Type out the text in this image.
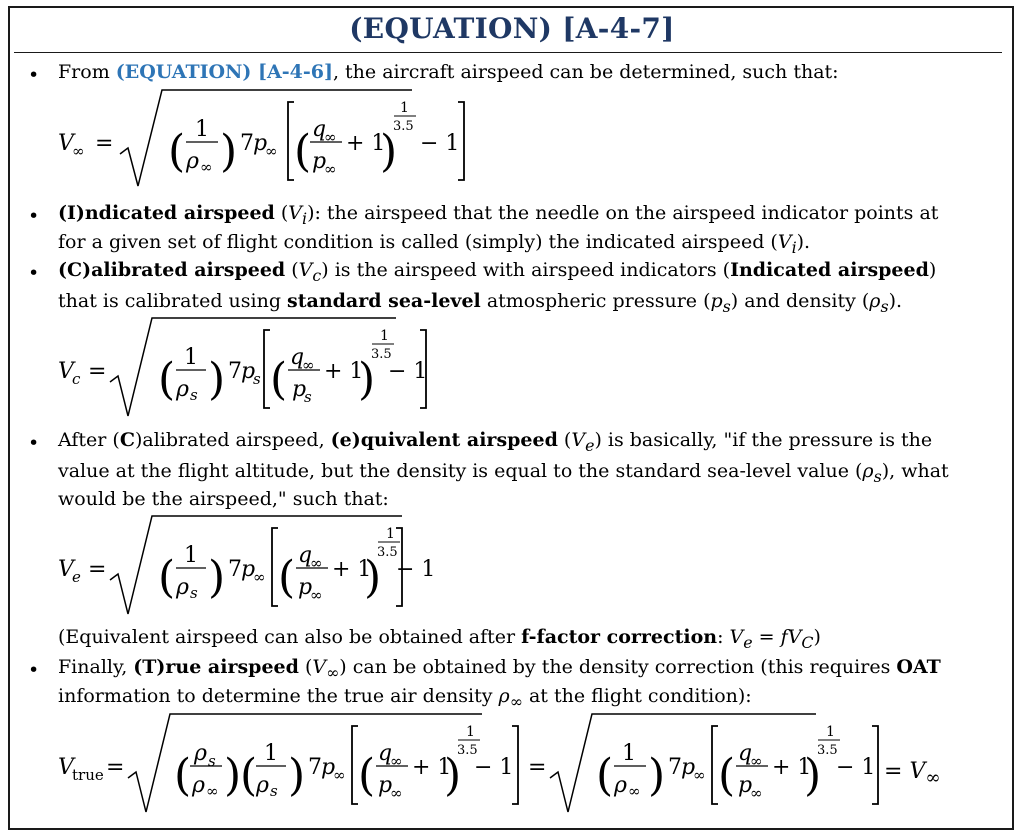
(EQUATION) [A-4-7]
• From (EQUATION) [A-4-6], the aircraft airspeed can be determined, such that:
V
∞ = ( 1
ρ ∞ ) 7 p
∞ ( q
∞
p
∞
+ 1
)
1
3.5
− 1
• (I)ndicated airspeed $(V_i)$: the airspeed that the needle on the airspeed indicator points at
for a given set of flight condition is called (simply) the indicated airspeed $(V_i)$.
• (C)alibrated airspeed $(V_c)$ is the airspeed with airspeed indicators (Indicated airspeed)
that is calibrated using standard sea-level atmospheric pressure $(p_s)$ and density $(\rho_s)$.
V
c = ( 1
ρ s ) 7 p
s ( q
∞
p
s
+ 1
)
1
3.5
− 1
• After (C)alibrated airspeed, (e)quivalent airspeed $(V_e)$ is basically, "if the pressure is the
value at the flight altitude, but the density is equal to the standard sea-level value $(\rho_s)$, what
would be the airspeed," such that:
V
e = ( 1
ρ s ) 7 p
∞ ( q
∞
p
∞
+ 1
)
1
3.5
− 1
(Equivalent airspeed can also be obtained after f-factor correction: $V_e = fV_C$)
• Finally, (T)rue airspeed $(V_\infty)$ can be obtained by the density correction (this requires OAT
information to determine the true air density $\rho_\infty$ at the flight condition):
V
true = ( ρ s
ρ ∞ )
( 1
ρ s ) 7 p
∞ ( q
∞
p
∞
+ 1
)
1
3.5
− 1 = ( 1
ρ ∞ ) 7 p
∞ ( q
∞
p
∞
+ 1
)
1
3.5
− $1 = V_\infty$
